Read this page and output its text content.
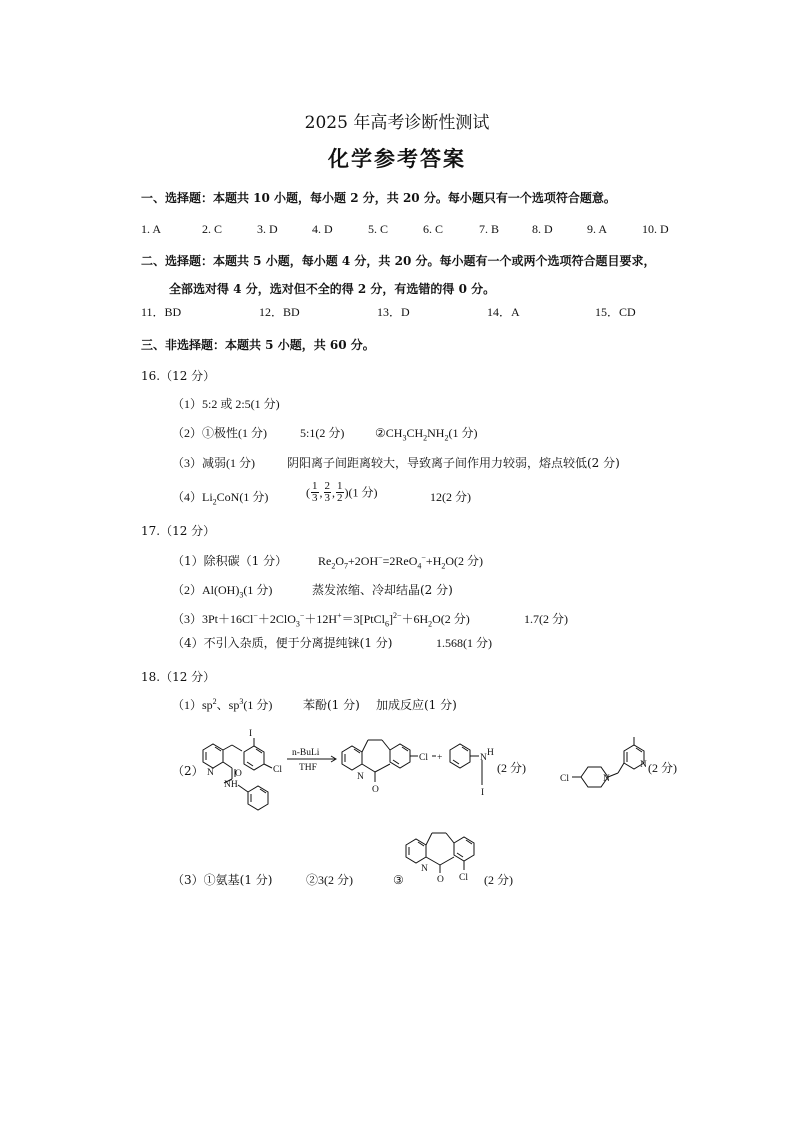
2025 年高考诊断性测试
化学参考答案
一、选择题：本题共 10 小题，每小题 2 分，共 20 分。每小题只有一个选项符合题意。
1. A	2. C	3. D	4. D	5. C	6. C	7. B	8. D	9. A	10. D
二、选择题：本题共 5 小题，每小题 4 分，共 20 分。每小题有一个或两个选项符合题目要求，
全部选对得 4 分，选对但不全的得 2 分，有选错的得 0 分。
11．BD	12．BD	13．D	14．A	15．CD
三、非选择题：本题共 5 小题，共 60 分。
16.（12 分）
（1）5:2 或 2:5(1 分)
（2）①极性(1 分)	5:1(2 分)	$②CH_3CH_2NH_2(1$ 分)
（3）减弱(1 分)	阴阳离子间距离较大，导致离子间作用力较弱，熔点较低(2 分)
$(4)Li_2CoN(1$ 分)	( $\frac{1}{3}$ , $\frac{2}{3}$ , $\frac{1}{2} )(1$ 分)	12(2 分)
17.（12 分）
（1）除积碳（1 分）	$Re_2O_7+2OH^-=2ReO_4^-+H_2O(2$ 分)
$(2)Al(OH)_3(1$ 分)	蒸发浓缩、冷却结晶(2 分)
$(3)3Pt+16Cl^-+2ClO_3^-+12H^+=3[PtCl_6]^{2-}+6H_2O(2$ 分)	1.7(2 分)
（4）不引入杂质，便于分离提纯铼(1 分)	1.568(1 分)
18.（12 分）
$(1)sp^2$、$sp^3(1$ 分)	苯酚(1 分) 加成反应(1 分)
（2）
I
N O	Cl
NH
n-BuLi
THF
N
O
Cl +	N H
I
(2 分)
Cl	N
N (2 分)
N
O Cl
（3）①氨基(1 分)	②3(2 分)	③	(2 分)
